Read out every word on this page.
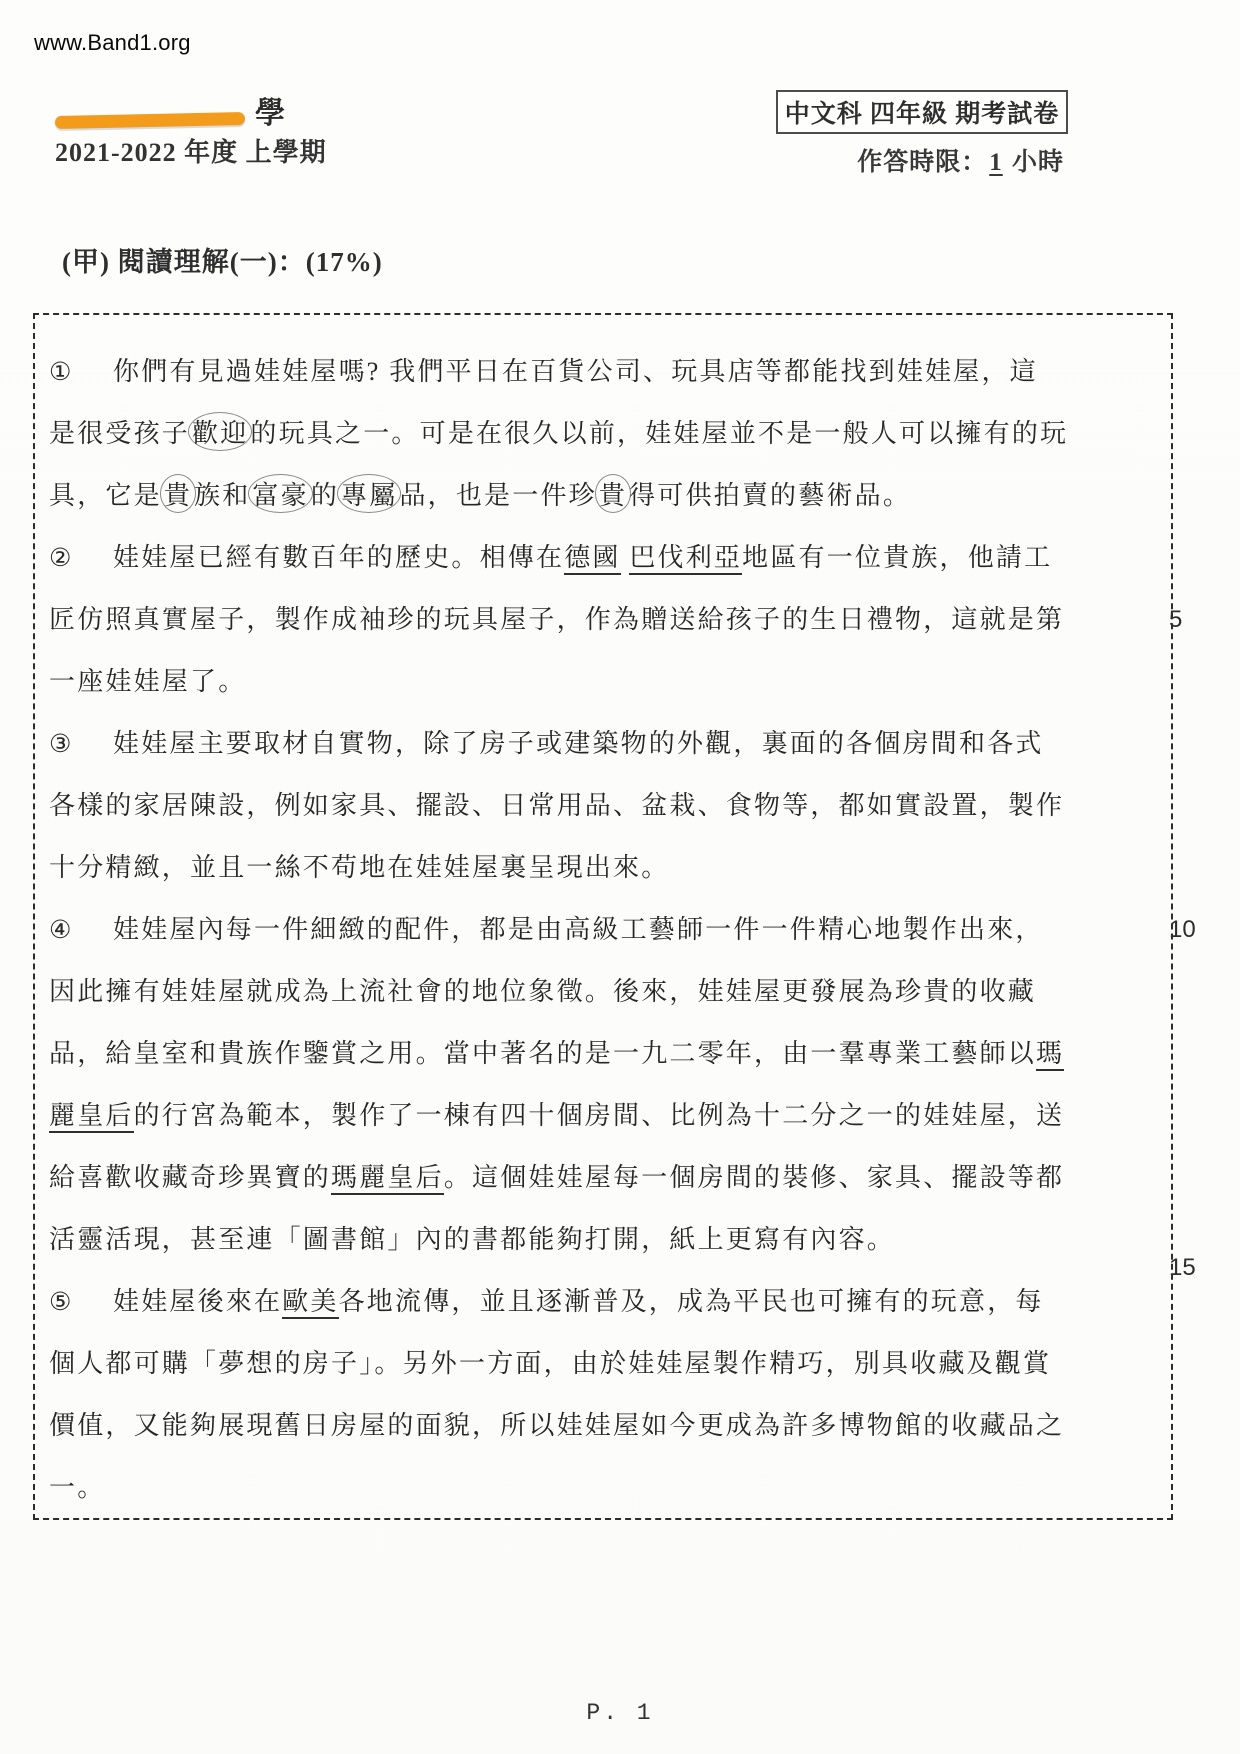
www.Band1.org
學
2021-2022 年度 上學期
中文科 四年級 期考試卷
作答時限：1 小時
(甲) 閱讀理解(一)：(17%)
① 你們有見過娃娃屋嗎? 我們平日在百貨公司、玩具店等都能找到娃娃屋，這
是很受孩子歡迎的玩具之一。可是在很久以前，娃娃屋並不是一般人可以擁有的玩
具，它是貴族和富豪的專屬品，也是一件珍貴得可供拍賣的藝術品。
② 娃娃屋已經有數百年的歷史。相傳在德國 巴伐利亞地區有一位貴族，他請工
匠仿照真實屋子，製作成袖珍的玩具屋子，作為贈送給孩子的生日禮物，這就是第	5
一座娃娃屋了。
③ 娃娃屋主要取材自實物，除了房子或建築物的外觀，裏面的各個房間和各式
各樣的家居陳設，例如家具、擺設、日常用品、盆栽、食物等，都如實設置，製作
十分精緻，並且一絲不苟地在娃娃屋裏呈現出來。
④ 娃娃屋內每一件細緻的配件，都是由高級工藝師一件一件精心地製作出來，	10
因此擁有娃娃屋就成為上流社會的地位象徵。後來，娃娃屋更發展為珍貴的收藏
品，給皇室和貴族作鑒賞之用。當中著名的是一九二零年，由一羣專業工藝師以瑪
麗皇后的行宮為範本，製作了一棟有四十個房間、比例為十二分之一的娃娃屋，送
給喜歡收藏奇珍異寶的瑪麗皇后。這個娃娃屋每一個房間的裝修、家具、擺設等都
活靈活現，甚至連「圖書館」內的書都能夠打開，紙上更寫有內容。
15
⑤ 娃娃屋後來在歐美各地流傳，並且逐漸普及，成為平民也可擁有的玩意，每
個人都可購「夢想的房子」。另外一方面，由於娃娃屋製作精巧，別具收藏及觀賞
價值，又能夠展現舊日房屋的面貌，所以娃娃屋如今更成為許多博物館的收藏品之
一。
P. 1
